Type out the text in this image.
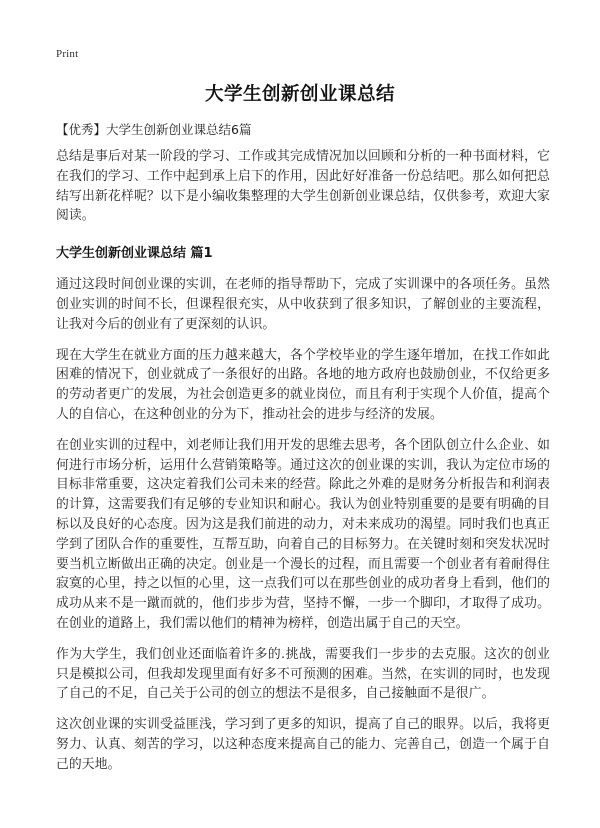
Print
大学生创新创业课总结

【优秀】大学生创新创业课总结6篇

总结是事后对某一阶段的学习、工作或其完成情况加以回顾和分析的一种书面材料，它在我们的学习、工作中起到承上启下的作用，因此好好准备一份总结吧。那么如何把总结写出新花样呢？以下是小编收集整理的大学生创新创业课总结，仅供参考，欢迎大家阅读。

大学生创新创业课总结 篇1

通过这段时间创业课的实训，在老师的指导帮助下，完成了实训课中的各项任务。虽然创业实训的时间不长，但课程很充实，从中收获到了很多知识，了解创业的主要流程，让我对今后的创业有了更深刻的认识。

现在大学生在就业方面的压力越来越大，各个学校毕业的学生逐年增加，在找工作如此困难的情况下，创业就成了一条很好的出路。各地的地方政府也鼓励创业，不仅给更多的劳动者更广的发展，为社会创造更多的就业岗位，而且有利于实现个人价值，提高个人的自信心，在这种创业的分为下，推动社会的进步与经济的发展。

在创业实训的过程中，刘老师让我们用开发的思维去思考，各个团队创立什么企业、如何进行市场分析，运用什么营销策略等。通过这次的创业课的实训，我认为定位市场的目标非常重要，这决定着我们公司未来的经营。除此之外难的是财务分析报告和利润表的计算，这需要我们有足够的专业知识和耐心。我认为创业特别重要的是要有明确的目标以及良好的心态度。因为这是我们前进的动力，对未来成功的渴望。同时我们也真正学到了团队合作的重要性，互帮互助，向着自己的目标努力。在关键时刻和突发状况时要当机立断做出正确的决定。创业是一个漫长的过程，而且需要一个创业者有着耐得住寂寞的心里，持之以恒的心里，这一点我们可以在那些创业的成功者身上看到，他们的成功从来不是一蹴而就的，他们步步为营，坚持不懈，一步一个脚印，才取得了成功。在创业的道路上，我们需以他们的精神为榜样，创造出属于自己的天空。

作为大学生，我们创业还面临着许多的.挑战，需要我们一步步的去克服。这次的创业只是模拟公司，但我却发现里面有好多不可预测的困难。当然，在实训的同时，也发现了自己的不足，自己关于公司的创立的想法不是很多，自己接触面不是很广。

这次创业课的实训受益匪浅，学习到了更多的知识，提高了自己的眼界。以后，我将更努力、认真、刻苦的学习，以这种态度来提高自己的能力、完善自己，创造一个属于自己的天地。
